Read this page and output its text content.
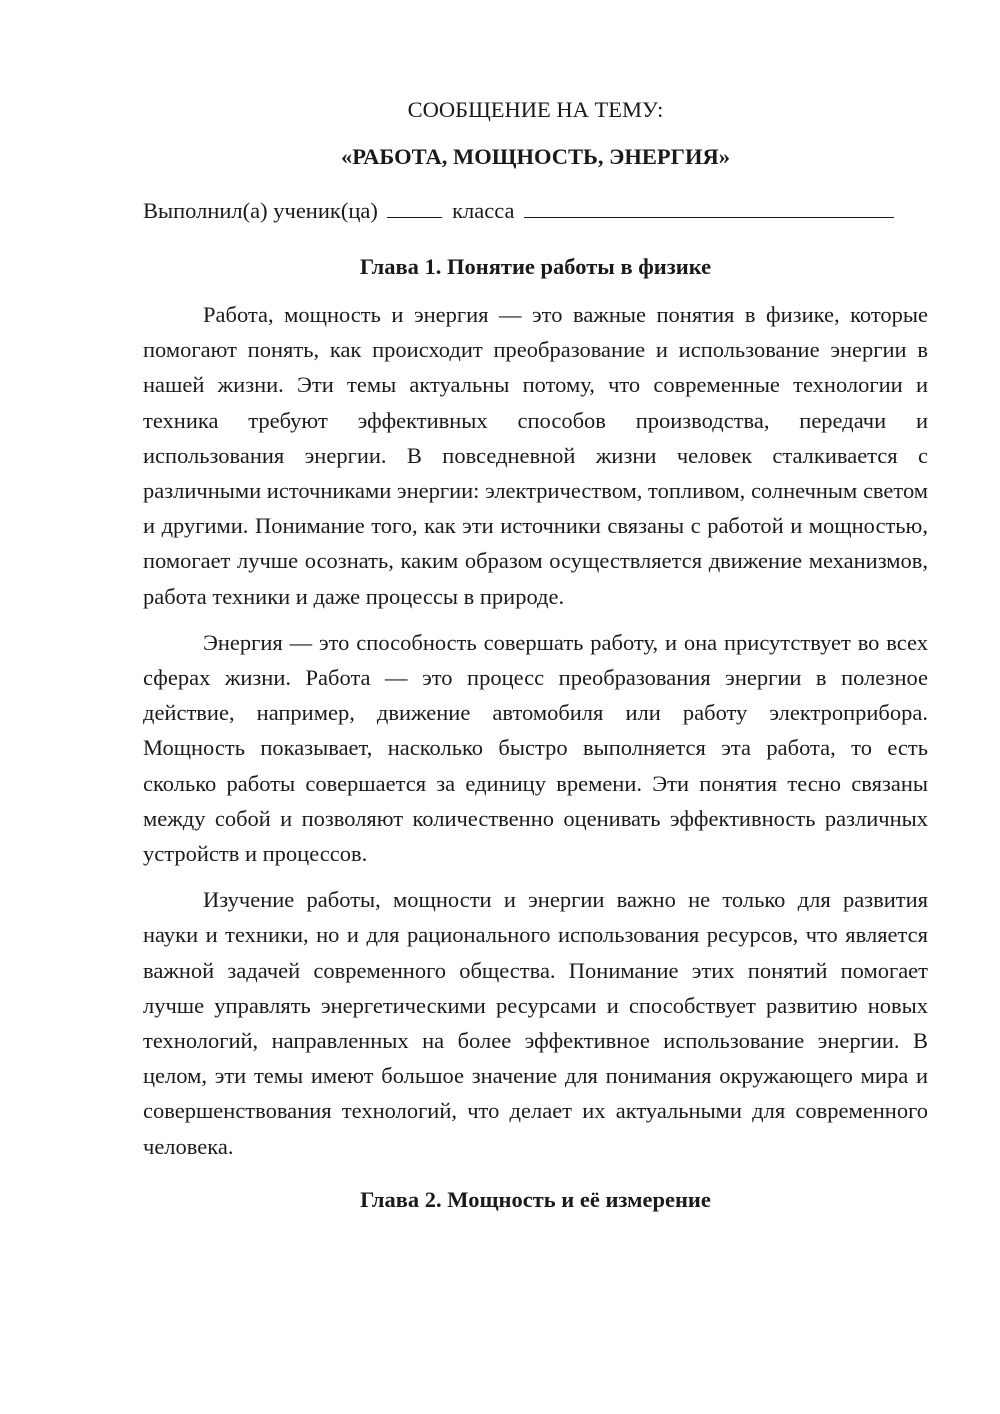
СООБЩЕНИЕ НА ТЕМУ:

«РАБОТА, МОЩНОСТЬ, ЭНЕРГИЯ»

Выполнил(а) ученик(ца)	класса
Глава 1. Понятие работы в физике

Работа, мощность и энергия — это важные понятия в физике, которые помогают понять, как происходит преобразование и использование энергии в нашей жизни. Эти темы актуальны потому, что современные технологии и техника требуют эффективных способов производства, передачи и использования энергии. В повседневной жизни человек сталкивается с различными источниками энергии: электричеством, топливом, солнечным светом и другими. Понимание того, как эти источники связаны с работой и мощностью, помогает лучше осознать, каким образом осуществляется движение механизмов, работа техники и даже процессы в природе.

Энергия — это способность совершать работу, и она присутствует во всех сферах жизни. Работа — это процесс преобразования энергии в полезное действие, например, движение автомобиля или работу электроприбора. Мощность показывает, насколько быстро выполняется эта работа, то есть сколько работы совершается за единицу времени. Эти понятия тесно связаны между собой и позволяют количественно оценивать эффективность различных устройств и процессов.

Изучение работы, мощности и энергии важно не только для развития науки и техники, но и для рационального использования ресурсов, что является важной задачей современного общества. Понимание этих понятий помогает лучше управлять энергетическими ресурсами и способствует развитию новых технологий, направленных на более эффективное использование энергии. В целом, эти темы имеют большое значение для понимания окружающего мира и совершенствования технологий, что делает их актуальными для современного человека.

Глава 2. Мощность и её измерение
